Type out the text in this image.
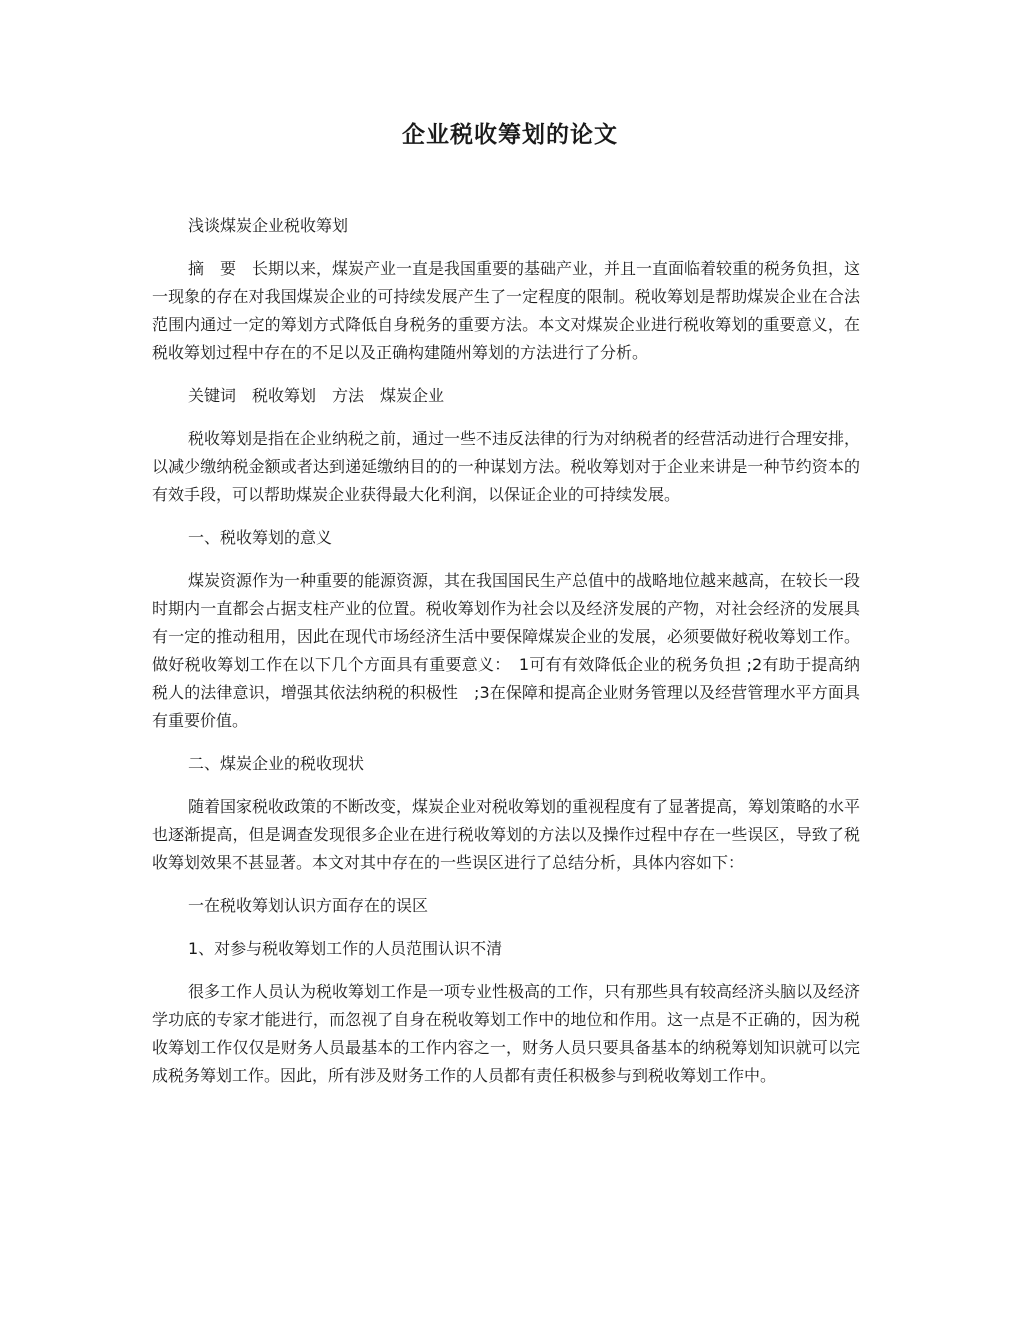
企业税收筹划的论文

浅谈煤炭企业税收筹划

摘　要　长期以来，煤炭产业一直是我国重要的基础产业，并且一直面临着较重的税务负担，这一现象的存在对我国煤炭企业的可持续发展产生了一定程度的限制。税收筹划是帮助煤炭企业在合法范围内通过一定的筹划方式降低自身税务的重要方法。本文对煤炭企业进行税收筹划的重要意义，在税收筹划过程中存在的不足以及正确构建随州筹划的方法进行了分析。

关键词　税收筹划　方法　煤炭企业

税收筹划是指在企业纳税之前，通过一些不违反法律的行为对纳税者的经营活动进行合理安排，以减少缴纳税金额或者达到递延缴纳目的的一种谋划方法。税收筹划对于企业来讲是一种节约资本的有效手段，可以帮助煤炭企业获得最大化利润，以保证企业的可持续发展。

一、税收筹划的意义

煤炭资源作为一种重要的能源资源，其在我国国民生产总值中的战略地位越来越高，在较长一段时期内一直都会占据支柱产业的位置。税收筹划作为社会以及经济发展的产物，对社会经济的发展具有一定的推动租用，因此在现代市场经济生活中要保障煤炭企业的发展，必须要做好税收筹划工作。做好税收筹划工作在以下几个方面具有重要意义：　1可有有效降低企业的税务负担 ;2有助于提高纳税人的法律意识，增强其依法纳税的积极性　;3在保障和提高企业财务管理以及经营管理水平方面具有重要价值。

二、煤炭企业的税收现状

随着国家税收政策的不断改变，煤炭企业对税收筹划的重视程度有了显著提高，筹划策略的水平也逐渐提高，但是调查发现很多企业在进行税收筹划的方法以及操作过程中存在一些误区，导致了税收筹划效果不甚显著。本文对其中存在的一些误区进行了总结分析，具体内容如下：

一在税收筹划认识方面存在的误区

1、对参与税收筹划工作的人员范围认识不清

很多工作人员认为税收筹划工作是一项专业性极高的工作，只有那些具有较高经济头脑以及经济学功底的专家才能进行，而忽视了自身在税收筹划工作中的地位和作用。这一点是不正确的，因为税收筹划工作仅仅是财务人员最基本的工作内容之一，财务人员只要具备基本的纳税筹划知识就可以完成税务筹划工作。因此，所有涉及财务工作的人员都有责任积极参与到税收筹划工作中。
